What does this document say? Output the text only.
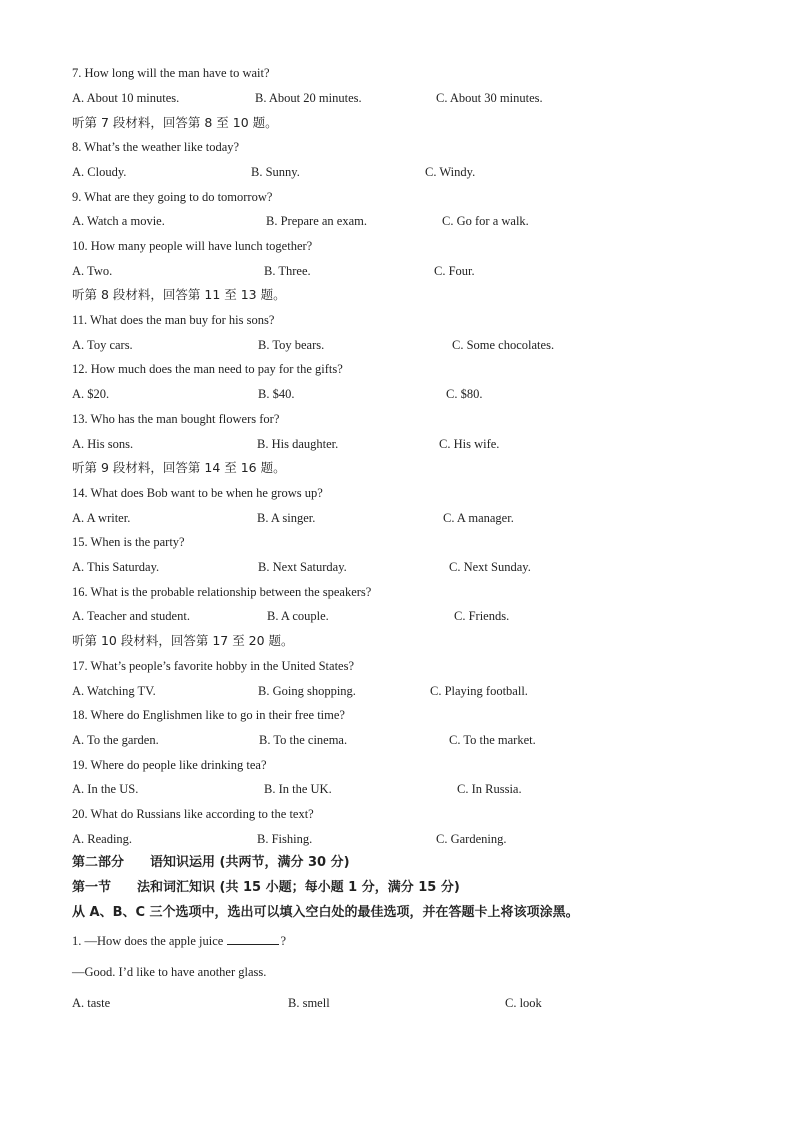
7. How long will the man have to wait?
A. About 10 minutes.	B. About 20 minutes.	C. About 30 minutes.
听第 7 段材料，回答第 8 至 10 题。
8. What’s the weather like today?
A. Cloudy.	B. Sunny.	C. Windy.
9. What are they going to do tomorrow?
A. Watch a movie.	B. Prepare an exam.	C. Go for a walk.
10. How many people will have lunch together?
A. Two.	B. Three.	C. Four.
听第 8 段材料，回答第 11 至 13 题。
11. What does the man buy for his sons?
A. Toy cars.	B. Toy bears.	C. Some chocolates.
12. How much does the man need to pay for the gifts?
A. $20.	B. $40.	C. $80.
13. Who has the man bought flowers for?
A. His sons.	B. His daughter.	C. His wife.
听第 9 段材料，回答第 14 至 16 题。
14. What does Bob want to be when he grows up?
A. A writer.	B. A singer.	C. A manager.
15. When is the party?
A. This Saturday.	B. Next Saturday.	C. Next Sunday.
16. What is the probable relationship between the speakers?
A. Teacher and student.	B. A couple.	C. Friends.
听第 10 段材料，回答第 17 至 20 题。
17. What’s people’s favorite hobby in the United States?
A. Watching TV.	B. Going shopping.	C. Playing football.
18. Where do Englishmen like to go in their free time?
A. To the garden.	B. To the cinema.	C. To the market.
19. Where do people like drinking tea?
A. In the US.	B. In the UK.	C. In Russia.
20. What do Russians like according to the text?
A. Reading.	B. Fishing.	C. Gardening.
第二部分　　语知识运用 (共两节，满分 30 分)
第一节　　法和词汇知识 (共 15 小题；每小题 1 分，满分 15 分)
从 A、B、C 三个选项中，选出可以填入空白处的最佳选项，并在答题卡上将该项涂黑。
1. —How does the apple juice	?
—Good. I’d like to have another glass.
A. taste	B. smell	C. look
